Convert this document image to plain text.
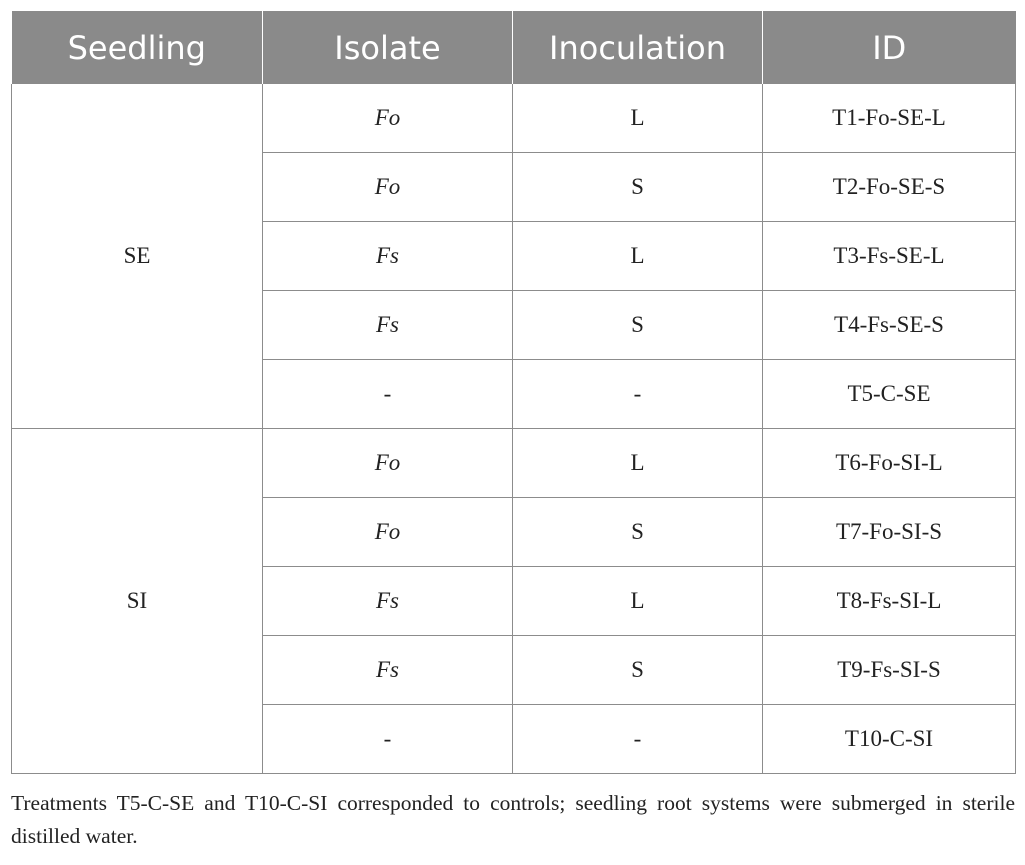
Seedling	Isolate	Inoculation	ID
SE	Fo	L	T1-Fo-SE-L
	Fo	S	T2-Fo-SE-S
	Fs	L	T3-Fs-SE-L
	Fs	S	T4-Fs-SE-S
	-	-	T5-C-SE
SI	Fo	L	T6-Fo-SI-L
	Fo	S	T7-Fo-SI-S
	Fs	L	T8-Fs-SI-L
	Fs	S	T9-Fs-SI-S
	-	-	T10-C-SI
Treatments T5-C-SE and T10-C-SI corresponded to controls; seedling root systems were submerged in sterile distilled water.
